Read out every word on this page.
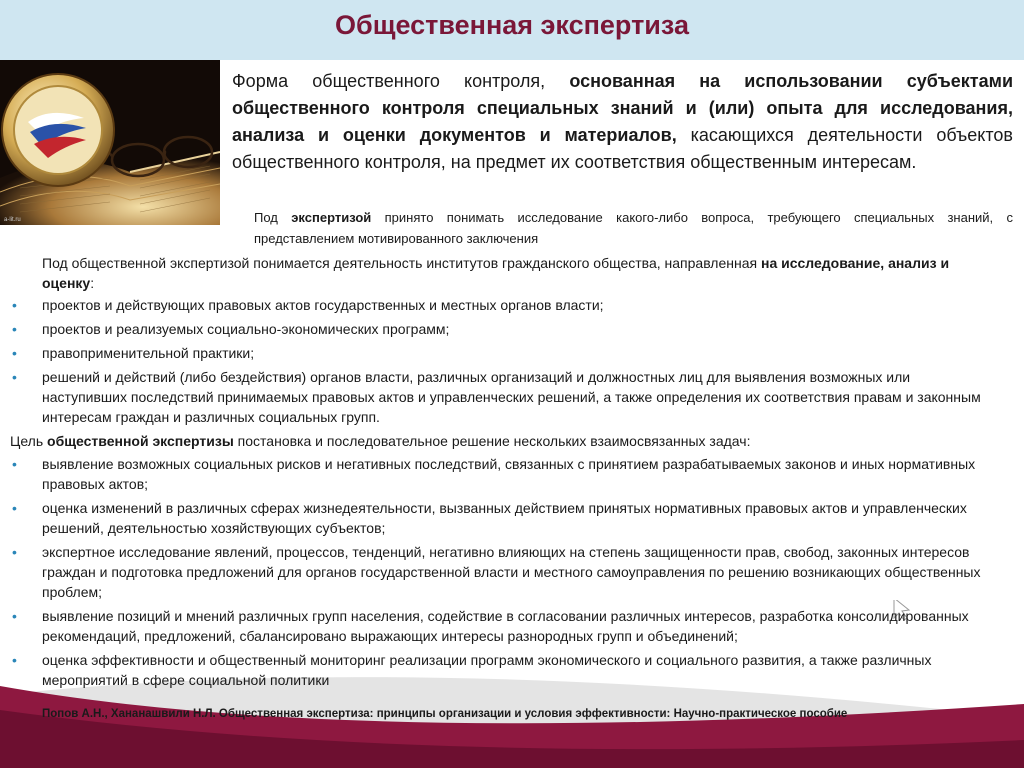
Общественная экспертиза
a-lit.ru
Форма общественного контроля, основанная на использовании субъектами общественного контроля специальных знаний и (или) опыта для исследования, анализа и оценки документов и материалов, касающихся деятельности объектов общественного контроля, на предмет их соответствия общественным интересам.
Под экспертизой принято понимать исследование какого-либо вопроса, требующего специальных знаний, с представлением мотивированного заключения
Под общественной экспертизой понимается деятельность институтов гражданского общества, направленная на исследование, анализ и оценку:
• проектов и действующих правовых актов государственных и местных органов власти;
• проектов и реализуемых социально-экономических программ;
• правоприменительной практики;
• решений и действий (либо бездействия) органов власти, различных организаций и должностных лиц для выявления возможных или наступивших последствий принимаемых правовых актов и управленческих решений, а также определения их соответствия правам и законным интересам граждан и различных социальных групп.
Цель общественной экспертизы постановка и последовательное решение нескольких взаимосвязанных задач:
• выявление возможных социальных рисков и негативных последствий, связанных с принятием разрабатываемых законов и иных нормативных правовых актов;
• оценка изменений в различных сферах жизнедеятельности, вызванных действием принятых нормативных правовых актов и управленческих решений, деятельностью хозяйствующих субъектов;
• экспертное исследование явлений, процессов, тенденций, негативно влияющих на степень защищенности прав, свобод, законных интересов граждан и подготовка предложений для органов государственной власти и местного самоуправления по решению возникающих общественных проблем;
• выявление позиций и мнений различных групп населения, содействие в согласовании различных интересов, разработка консолидированных рекомендаций, предложений, сбалансировано выражающих интересы разнородных групп и объединений;
• оценка эффективности и общественный мониторинг реализации программ экономического и социального развития, а также различных мероприятий в сфере социальной политики
Попов А.Н., Хананашвили Н.Л. Общественная экспертиза: принципы организации и условия эффективности: Научно-практическое пособие
